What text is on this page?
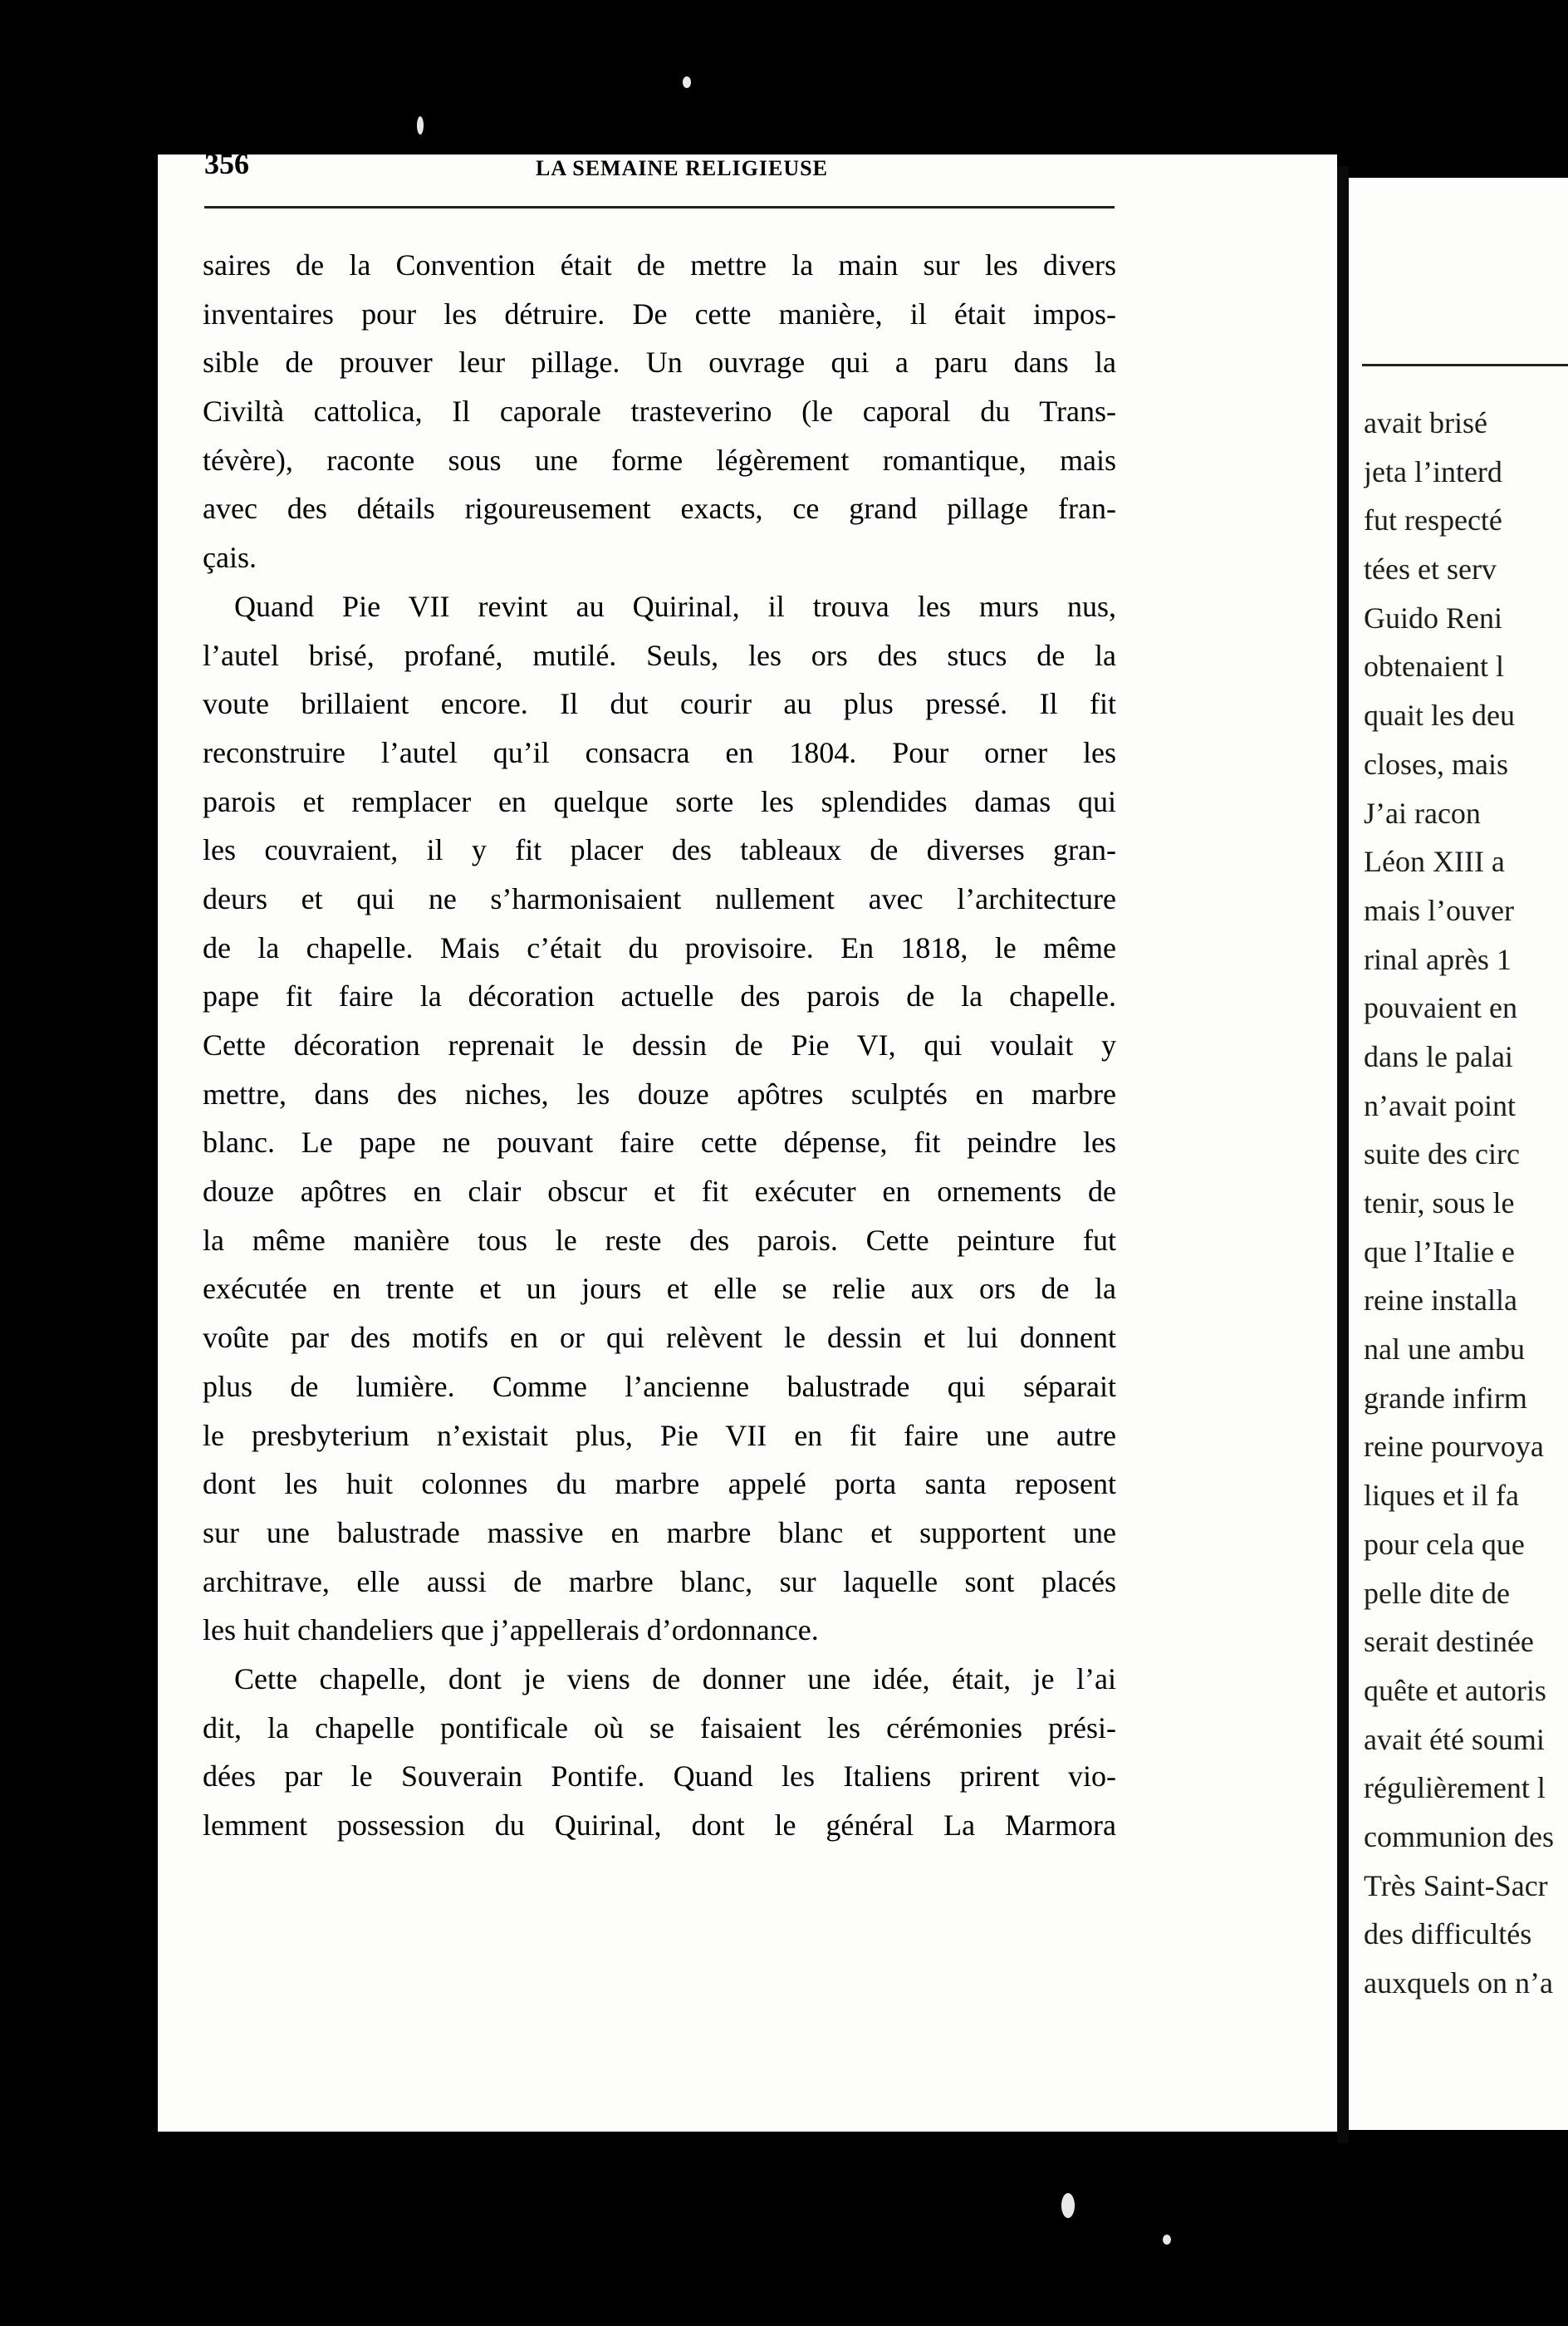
avait brisé
jeta l’interd
fut respecté
tées et serv
Guido Reni
obtenaient l
quait les deu
closes, mais
J’ai racon
Léon XIII a
mais l’ouver
rinal après 1
pouvaient en
dans le palai
n’avait point
suite des circ
tenir, sous le
que l’Italie e
reine installa
nal une ambu
grande infirm
reine pourvoya
liques et il fa
pour cela que
pelle dite de
serait destinée
quête et autoris
avait été soumi
régulièrement l
communion des
Très Saint-Sacr
des difficultés
auxquels on n’a
356	LA SEMAINE RELIGIEUSE
saires de la Convention était de mettre la main sur les divers
inventaires pour les détruire. De cette manière, il était impos-
sible de prouver leur pillage. Un ouvrage qui a paru dans la
Civiltà cattolica, Il caporale trasteverino (le caporal du Trans-
tévère), raconte sous une forme légèrement romantique, mais
avec des détails rigoureusement exacts, ce grand pillage fran-
çais.
Quand Pie VII revint au Quirinal, il trouva les murs nus,
l’autel brisé, profané, mutilé. Seuls, les ors des stucs de la
voute brillaient encore. Il dut courir au plus pressé. Il fit
reconstruire l’autel qu’il consacra en 1804. Pour orner les
parois et remplacer en quelque sorte les splendides damas qui
les couvraient, il y fit placer des tableaux de diverses gran-
deurs et qui ne s’harmonisaient nullement avec l’architecture
de la chapelle. Mais c’était du provisoire. En 1818, le même
pape fit faire la décoration actuelle des parois de la chapelle.
Cette décoration reprenait le dessin de Pie VI, qui voulait y
mettre, dans des niches, les douze apôtres sculptés en marbre
blanc. Le pape ne pouvant faire cette dépense, fit peindre les
douze apôtres en clair obscur et fit exécuter en ornements de
la même manière tous le reste des parois. Cette peinture fut
exécutée en trente et un jours et elle se relie aux ors de la
voûte par des motifs en or qui relèvent le dessin et lui donnent
plus de lumière. Comme l’ancienne balustrade qui séparait
le presbyterium n’existait plus, Pie VII en fit faire une autre
dont les huit colonnes du marbre appelé porta santa reposent
sur une balustrade massive en marbre blanc et supportent une
architrave, elle aussi de marbre blanc, sur laquelle sont placés
les huit chandeliers que j’appellerais d’ordonnance.
Cette chapelle, dont je viens de donner une idée, était, je l’ai
dit, la chapelle pontificale où se faisaient les cérémonies prési-
dées par le Souverain Pontife. Quand les Italiens prirent vio-
lemment possession du Quirinal, dont le général La Marmora
